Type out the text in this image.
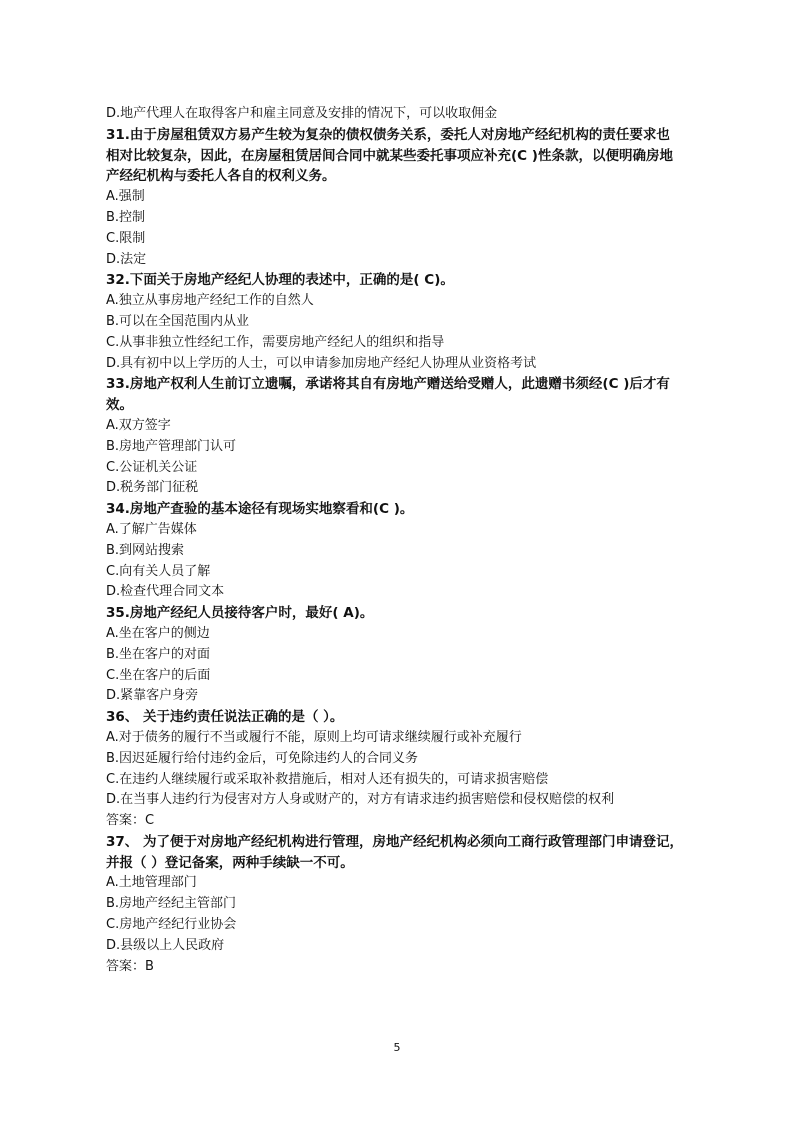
D.地产代理人在取得客户和雇主同意及安排的情况下，可以收取佣金
31.由于房屋租赁双方易产生较为复杂的债权债务关系，委托人对房地产经纪机构的责任要求也
相对比较复杂，因此，在房屋租赁居间合同中就某些委托事项应补充(C )性条款，以便明确房地
产经纪机构与委托人各自的权利义务。
A.强制
B.控制
C.限制
D.法定
32.下面关于房地产经纪人协理的表述中，正确的是( C)。
A.独立从事房地产经纪工作的自然人
B.可以在全国范围内从业
C.从事非独立性经纪工作，需要房地产经纪人的组织和指导
D.具有初中以上学历的人士，可以申请参加房地产经纪人协理从业资格考试
33.房地产权利人生前订立遗嘱，承诺将其自有房地产赠送给受赠人，此遗赠书须经(C )后才有
效。
A.双方签字
B.房地产管理部门认可
C.公证机关公证
D.税务部门征税
34.房地产查验的基本途径有现场实地察看和(C )。
A.了解广告媒体
B.到网站搜索
C.向有关人员了解
D.检查代理合同文本
35.房地产经纪人员接待客户时，最好( A)。
A.坐在客户的侧边
B.坐在客户的对面
C.坐在客户的后面
D.紧靠客户身旁
36、 关于违约责任说法正确的是（ ）。
A.对于债务的履行不当或履行不能，原则上均可请求继续履行或补充履行
B.因迟延履行给付违约金后，可免除违约人的合同义务
C.在违约人继续履行或采取补救措施后，相对人还有损失的，可请求损害赔偿
D.在当事人违约行为侵害对方人身或财产的，对方有请求违约损害赔偿和侵权赔偿的权利
答案：C
37、 为了便于对房地产经纪机构进行管理，房地产经纪机构必须向工商行政管理部门申请登记，
并报（ ）登记备案，两种手续缺一不可。
A.土地管理部门
B.房地产经纪主管部门
C.房地产经纪行业协会
D.县级以上人民政府
答案：B
5
